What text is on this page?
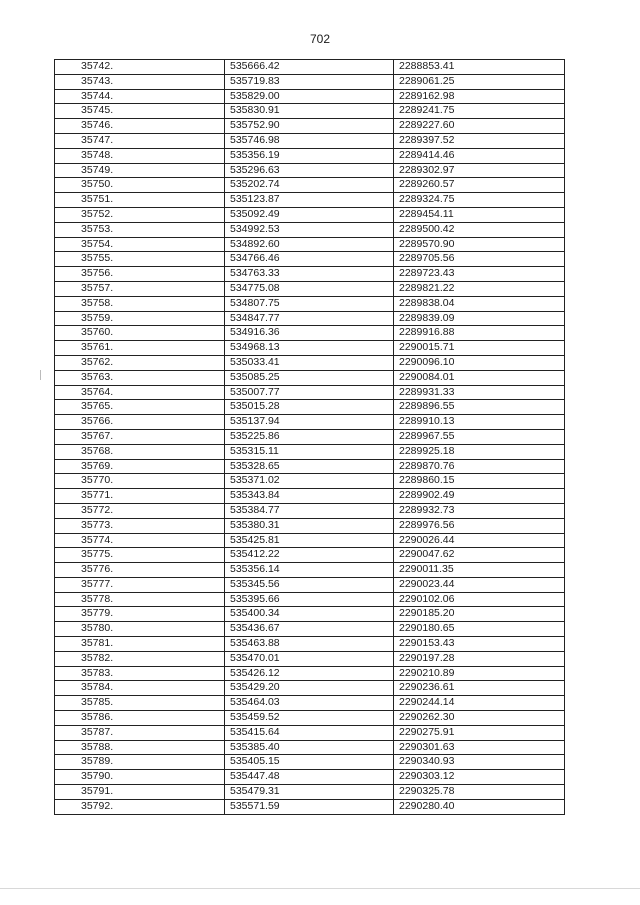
702
35742.	535666.42	2288853.41
35743.	535719.83	2289061.25
35744.	535829.00	2289162.98
35745.	535830.91	2289241.75
35746.	535752.90	2289227.60
35747.	535746.98	2289397.52
35748.	535356.19	2289414.46
35749.	535296.63	2289302.97
35750.	535202.74	2289260.57
35751.	535123.87	2289324.75
35752.	535092.49	2289454.11
35753.	534992.53	2289500.42
35754.	534892.60	2289570.90
35755.	534766.46	2289705.56
35756.	534763.33	2289723.43
35757.	534775.08	2289821.22
35758.	534807.75	2289838.04
35759.	534847.77	2289839.09
35760.	534916.36	2289916.88
35761.	534968.13	2290015.71
35762.	535033.41	2290096.10
35763.	535085.25	2290084.01
35764.	535007.77	2289931.33
35765.	535015.28	2289896.55
35766.	535137.94	2289910.13
35767.	535225.86	2289967.55
35768.	535315.11	2289925.18
35769.	535328.65	2289870.76
35770.	535371.02	2289860.15
35771.	535343.84	2289902.49
35772.	535384.77	2289932.73
35773.	535380.31	2289976.56
35774.	535425.81	2290026.44
35775.	535412.22	2290047.62
35776.	535356.14	2290011.35
35777.	535345.56	2290023.44
35778.	535395.66	2290102.06
35779.	535400.34	2290185.20
35780.	535436.67	2290180.65
35781.	535463.88	2290153.43
35782.	535470.01	2290197.28
35783.	535426.12	2290210.89
35784.	535429.20	2290236.61
35785.	535464.03	2290244.14
35786.	535459.52	2290262.30
35787.	535415.64	2290275.91
35788.	535385.40	2290301.63
35789.	535405.15	2290340.93
35790.	535447.48	2290303.12
35791.	535479.31	2290325.78
35792.	535571.59	2290280.40
